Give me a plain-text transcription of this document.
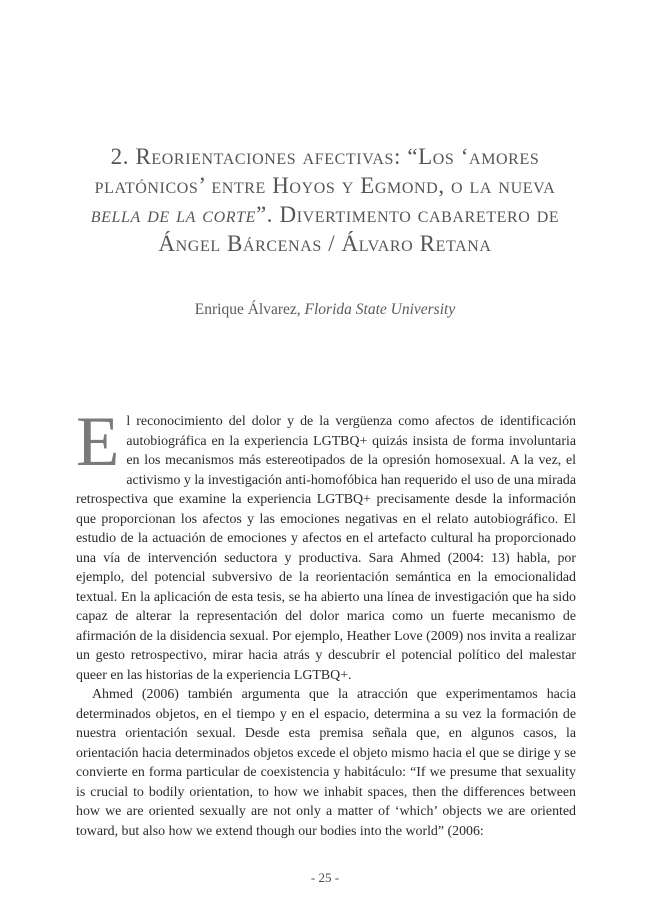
2. Reorientaciones afectivas: “Los ‘amores platónicos’ entre Hoyos y Egmond, o la nueva bella de la corte”. Divertimento cabaretero de Ángel Bárcenas / Álvaro Retana
Enrique Álvarez, Florida State University

El reconocimiento del dolor y de la vergüenza como afectos de identificación autobiográfica en la experiencia LGTBQ+ quizás insista de forma involuntaria en los mecanismos más estereotipados de la opresión homosexual. A la vez, el activismo y la investigación anti-homofóbica han requerido el uso de una mirada retrospectiva que examine la experiencia LGTBQ+ precisamente desde la información que proporcionan los afectos y las emociones negativas en el relato autobiográfico. El estudio de la actuación de emociones y afectos en el artefacto cultural ha proporcionado una vía de intervención seductora y productiva. Sara Ahmed (2004: 13) habla, por ejemplo, del potencial subversivo de la reorientación semántica en la emocionalidad textual. En la aplicación de esta tesis, se ha abierto una línea de investigación que ha sido capaz de alterar la representación del dolor marica como un fuerte mecanismo de afirmación de la disidencia sexual. Por ejemplo, Heather Love (2009) nos invita a realizar un gesto retrospectivo, mirar hacia atrás y descubrir el potencial político del malestar queer en las historias de la experiencia LGTBQ+.

Ahmed (2006) también argumenta que la atracción que experimentamos hacia determinados objetos, en el tiempo y en el espacio, determina a su vez la formación de nuestra orientación sexual. Desde esta premisa señala que, en algunos casos, la orientación hacia determinados objetos excede el objeto mismo hacia el que se dirige y se convierte en forma particular de coexistencia y habitáculo: “If we presume that sexuality is crucial to bodily orientation, to how we inhabit spaces, then the differences between how we are oriented sexually are not only a matter of ‘which’ objects we are oriented toward, but also how we extend though our bodies into the world” (2006:

- 25 -
